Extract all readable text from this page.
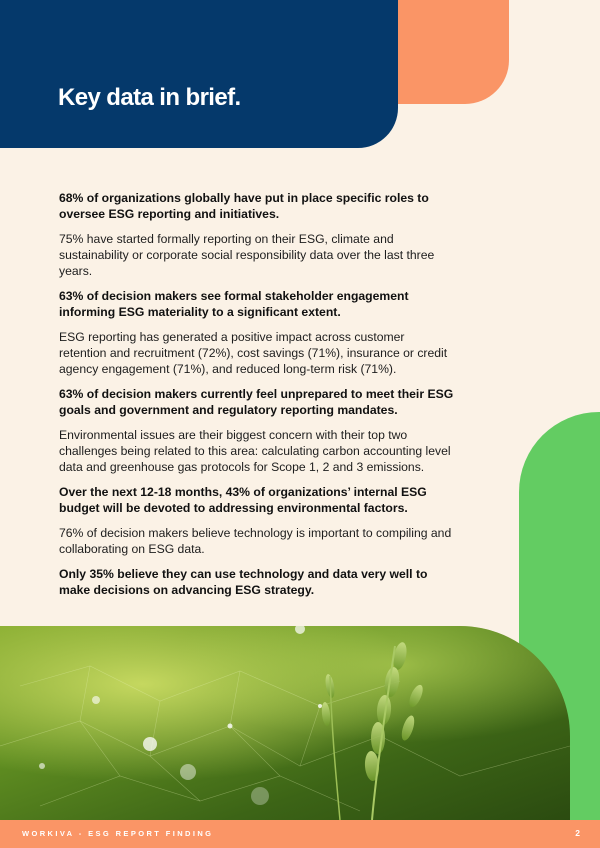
Key data in brief.

68% of organizations globally have put in place specific roles to oversee ESG reporting and initiatives.

75% have started formally reporting on their ESG, climate and sustainability or corporate social responsibility data over the last three years.

63% of decision makers see formal stakeholder engagement informing ESG materiality to a significant extent.

ESG reporting has generated a positive impact across customer retention and recruitment (72%), cost savings (71%), insurance or credit agency engagement (71%), and reduced long-term risk (71%).

63% of decision makers currently feel unprepared to meet their ESG goals and government and regulatory reporting mandates.

Environmental issues are their biggest concern with their top two challenges being related to this area: calculating carbon accounting level data and greenhouse gas protocols for Scope 1, 2 and 3 emissions.

Over the next 12-18 months, 43% of organizations’ internal ESG budget will be devoted to addressing environmental factors.

76% of decision makers believe technology is important to compiling and collaborating on ESG data.

Only 35% believe they can use technology and data very well to make decisions on advancing ESG strategy.

WORKIVA - ESG REPORT FINDING	2
